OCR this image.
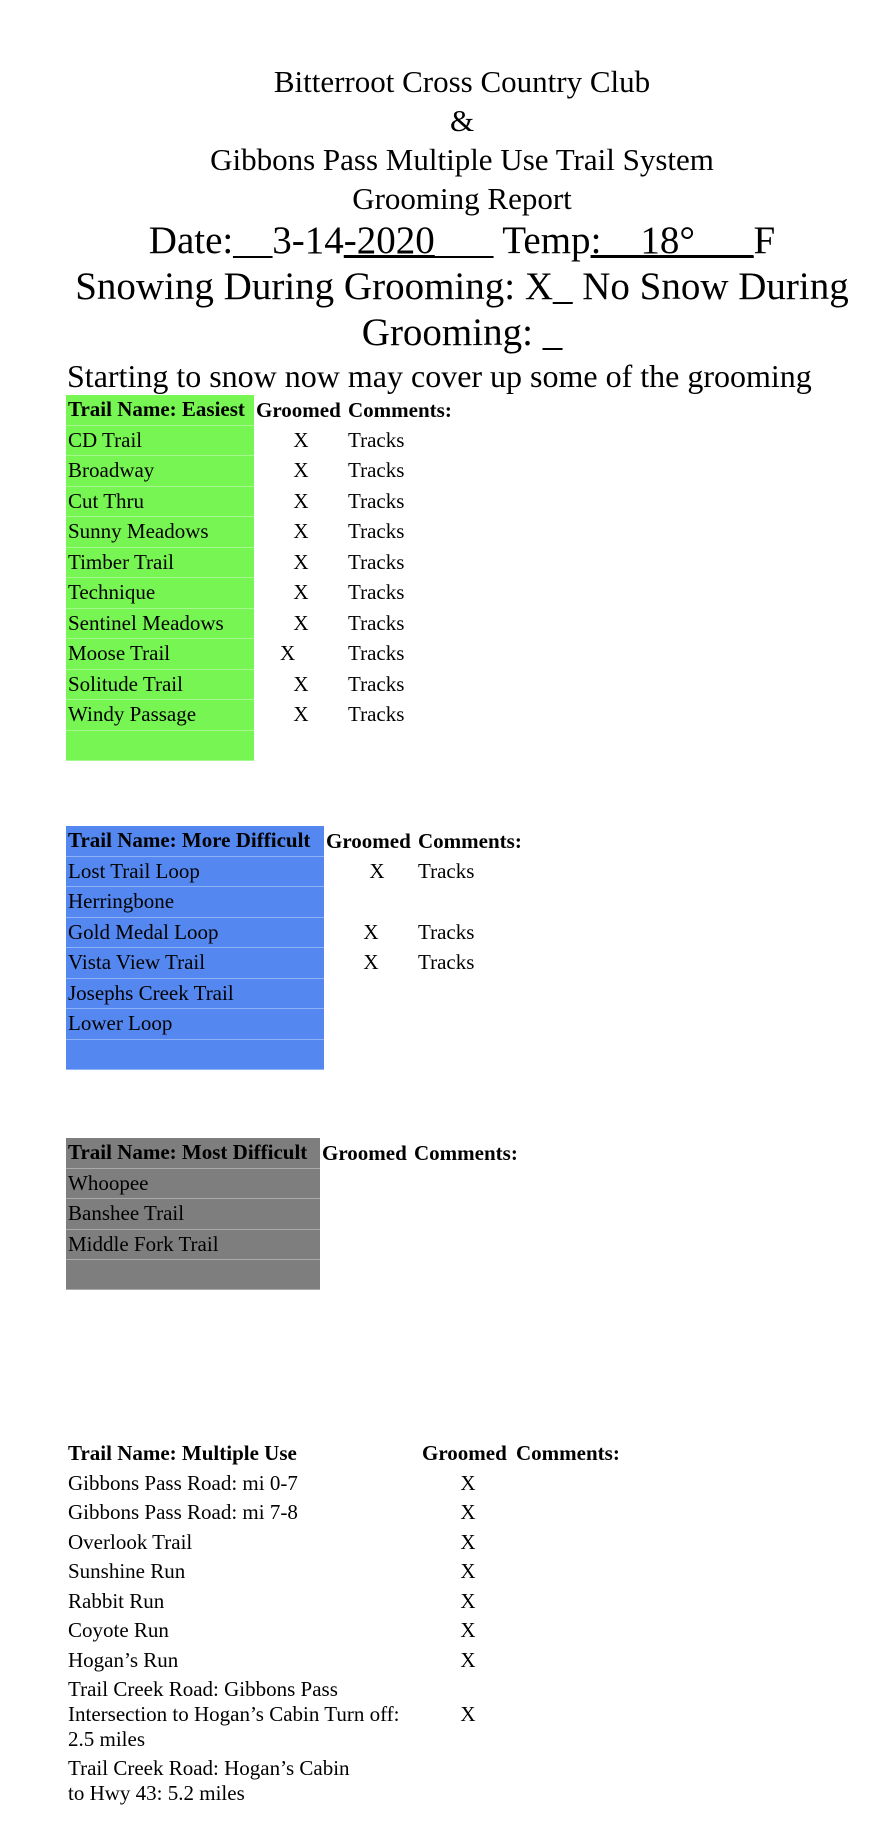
Bitterroot Cross Country Club
&
Gibbons Pass Multiple Use Trail System
Grooming Report
Date:__3-14-2020___ Temp:__18°___F
Snowing During Grooming: X_ No Snow During
Grooming: _
Starting to snow now may cover up some of the grooming
Trail Name: Easiest	Groomed	Comments:
CD Trail	X	Tracks
Broadway	X	Tracks
Cut Thru	X	Tracks
Sunny Meadows	X	Tracks
Timber Trail	X	Tracks
Technique	X	Tracks
Sentinel Meadows	X	Tracks
Moose Trail	X	Tracks
Solitude Trail	X	Tracks
Windy Passage	X	Tracks

Trail Name: More Difficult	Groomed	Comments:
Lost Trail Loop	X	Tracks
Herringbone		
Gold Medal Loop	X	Tracks
Vista View Trail	X	Tracks
Josephs Creek Trail		
Lower Loop		

Trail Name: Most Difficult	Groomed	Comments:
Whoopee		
Banshee Trail		
Middle Fork Trail		

Trail Name: Multiple Use	Groomed	Comments:
Gibbons Pass Road: mi 0-7	X	
Gibbons Pass Road: mi 7-8	X	
Overlook Trail	X	
Sunshine Run	X	
Rabbit Run	X	
Coyote Run	X	
Hogan’s Run	X	
Trail Creek Road: Gibbons Pass Intersection to Hogan’s Cabin Turn off: 2.5 miles	X	
Trail Creek Road: Hogan’s Cabin to Hwy 43: 5.2 miles		
